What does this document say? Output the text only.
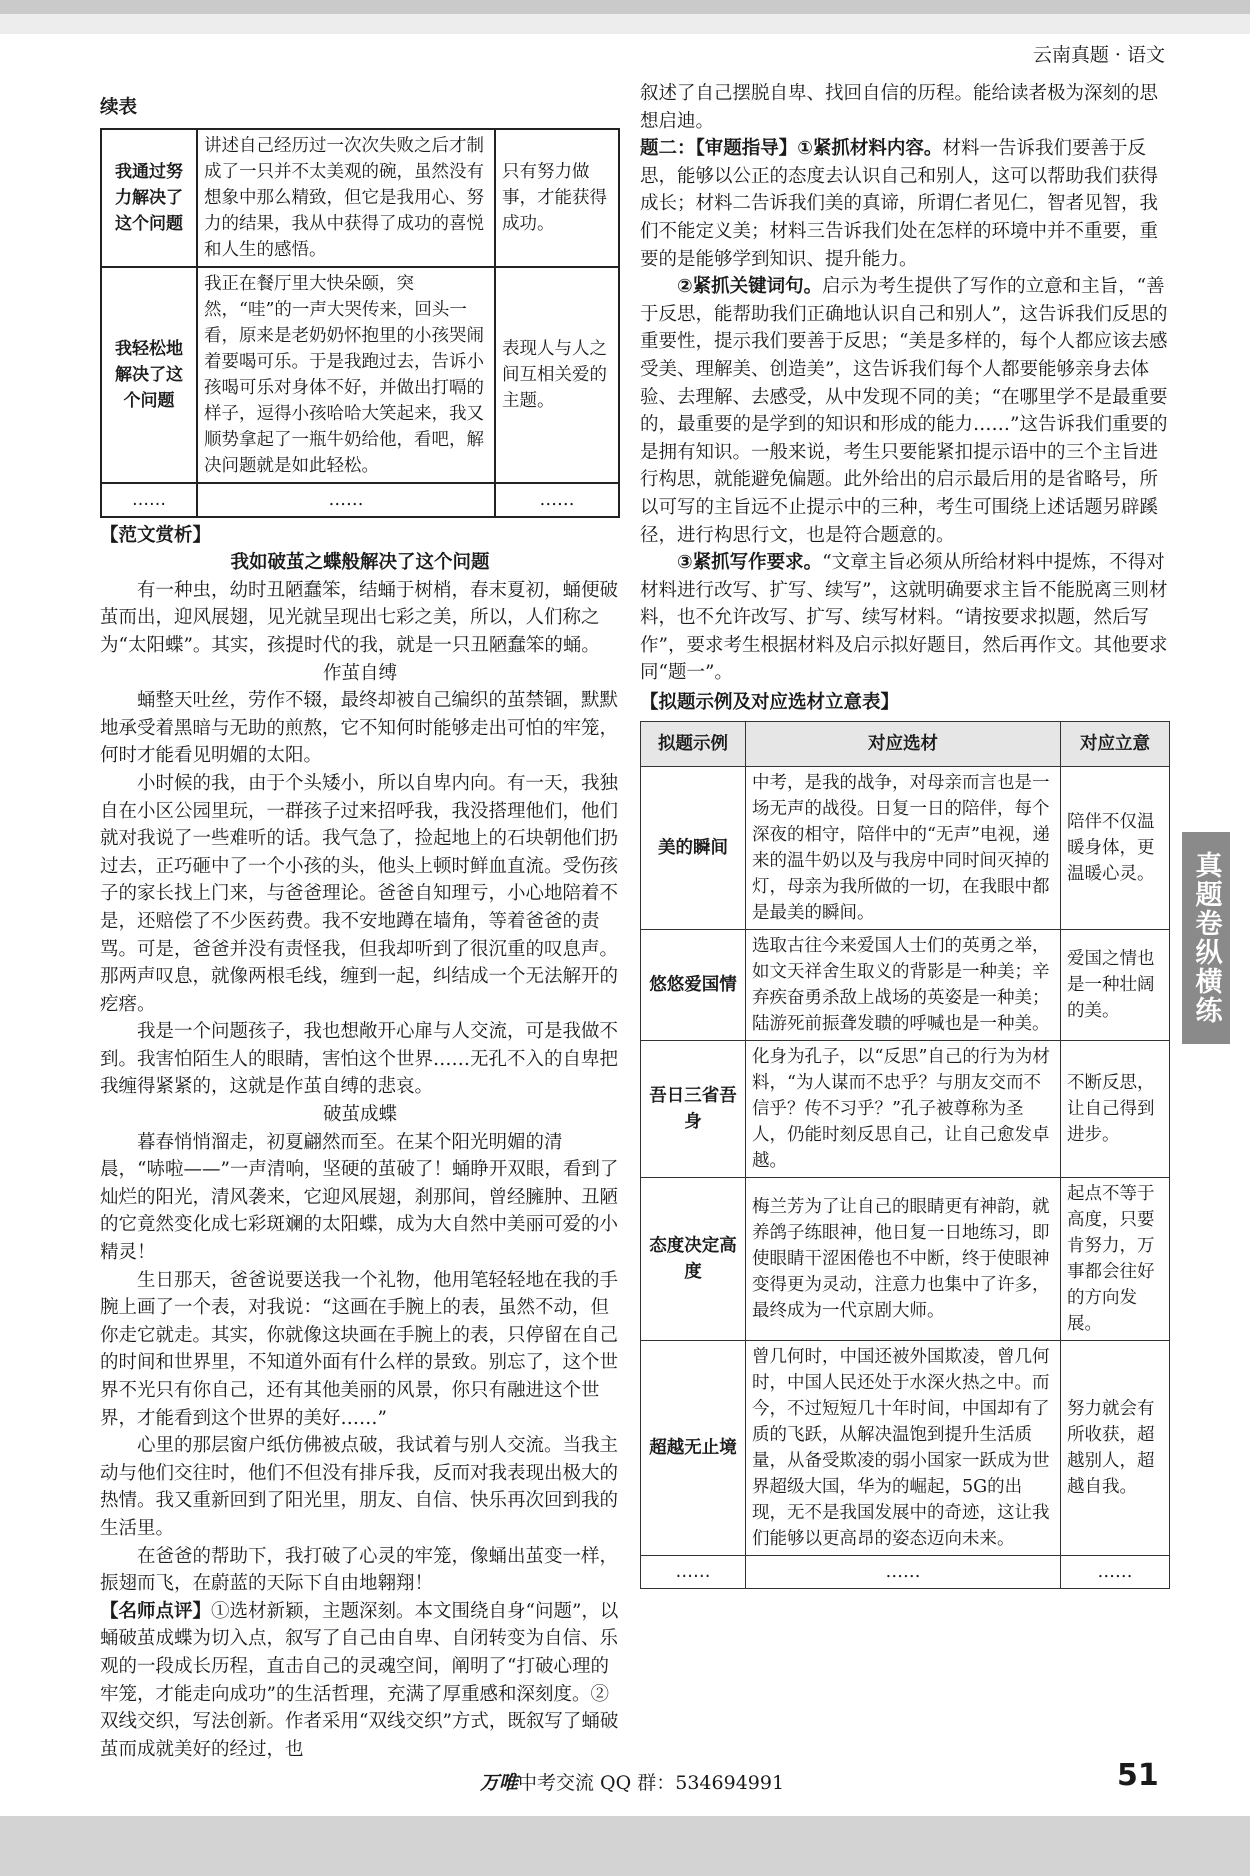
云南真题 · 语文

续表

我通过努力解决了这个问题	讲述自己经历过一次次失败之后才制成了一只并不太美观的碗，虽然没有想象中那么精致，但它是我用心、努力的结果，我从中获得了成功的喜悦和人生的感悟。	只有努力做事，才能获得成功。
我轻松地解决了这个问题	我正在餐厅里大快朵颐，突然，“哇”的一声大哭传来，回头一看，原来是老奶奶怀抱里的小孩哭闹着要喝可乐。于是我跑过去，告诉小孩喝可乐对身体不好，并做出打嗝的样子，逗得小孩哈哈大笑起来，我又顺势拿起了一瓶牛奶给他，看吧，解决问题就是如此轻松。	表现人与人之间互相关爱的主题。
……	……	……

【范文赏析】

我如破茧之蝶般解决了这个问题

有一种虫，幼时丑陋蠢笨，结蛹于树梢，春末夏初，蛹便破茧而出，迎风展翅，见光就呈现出七彩之美，所以，人们称之为“太阳蝶”。其实，孩提时代的我，就是一只丑陋蠢笨的蛹。

作茧自缚

蛹整天吐丝，劳作不辍，最终却被自己编织的茧禁锢，默默地承受着黑暗与无助的煎熬，它不知何时能够走出可怕的牢笼，何时才能看见明媚的太阳。

小时候的我，由于个头矮小，所以自卑内向。有一天，我独自在小区公园里玩，一群孩子过来招呼我，我没搭理他们，他们就对我说了一些难听的话。我气急了，捡起地上的石块朝他们扔过去，正巧砸中了一个小孩的头，他头上顿时鲜血直流。受伤孩子的家长找上门来，与爸爸理论。爸爸自知理亏，小心地陪着不是，还赔偿了不少医药费。我不安地蹲在墙角，等着爸爸的责骂。可是，爸爸并没有责怪我，但我却听到了很沉重的叹息声。那两声叹息，就像两根毛线，缠到一起，纠结成一个无法解开的疙瘩。

我是一个问题孩子，我也想敞开心扉与人交流，可是我做不到。我害怕陌生人的眼睛，害怕这个世界……无孔不入的自卑把我缠得紧紧的，这就是作茧自缚的悲哀。

破茧成蝶

暮春悄悄溜走，初夏翩然而至。在某个阳光明媚的清晨，“哧啦——”一声清响，坚硬的茧破了！蛹睁开双眼，看到了灿烂的阳光，清风袭来，它迎风展翅，刹那间，曾经臃肿、丑陋的它竟然变化成七彩斑斓的太阳蝶，成为大自然中美丽可爱的小精灵！

生日那天，爸爸说要送我一个礼物，他用笔轻轻地在我的手腕上画了一个表，对我说：“这画在手腕上的表，虽然不动，但你走它就走。其实，你就像这块画在手腕上的表，只停留在自己的时间和世界里，不知道外面有什么样的景致。别忘了，这个世界不光只有你自己，还有其他美丽的风景，你只有融进这个世界，才能看到这个世界的美好……”

心里的那层窗户纸仿佛被点破，我试着与别人交流。当我主动与他们交往时，他们不但没有排斥我，反而对我表现出极大的热情。我又重新回到了阳光里，朋友、自信、快乐再次回到我的生活里。

在爸爸的帮助下，我打破了心灵的牢笼，像蛹出茧变一样，振翅而飞，在蔚蓝的天际下自由地翱翔！

【名师点评】①选材新颖，主题深刻。本文围绕自身“问题”，以蛹破茧成蝶为切入点，叙写了自己由自卑、自闭转变为自信、乐观的一段成长历程，直击自己的灵魂空间，阐明了“打破心理的牢笼，才能走向成功”的生活哲理，充满了厚重感和深刻度。②双线交织，写法创新。作者采用“双线交织”方式，既叙写了蛹破茧而成就美好的经过，也

叙述了自己摆脱自卑、找回自信的历程。能给读者极为深刻的思想启迪。

题二：【审题指导】①紧抓材料内容。材料一告诉我们要善于反思，能够以公正的态度去认识自己和别人，这可以帮助我们获得成长；材料二告诉我们美的真谛，所谓仁者见仁，智者见智，我们不能定义美；材料三告诉我们处在怎样的环境中并不重要，重要的是能够学到知识、提升能力。

②紧抓关键词句。启示为考生提供了写作的立意和主旨，“善于反思，能帮助我们正确地认识自己和别人”，这告诉我们反思的重要性，提示我们要善于反思；“美是多样的，每个人都应该去感受美、理解美、创造美”，这告诉我们每个人都要能够亲身去体验、去理解、去感受，从中发现不同的美；“在哪里学不是最重要的，最重要的是学到的知识和形成的能力……”这告诉我们重要的是拥有知识。一般来说，考生只要能紧扣提示语中的三个主旨进行构思，就能避免偏题。此外给出的启示最后用的是省略号，所以可写的主旨远不止提示中的三种，考生可围绕上述话题另辟蹊径，进行构思行文，也是符合题意的。

③紧抓写作要求。“文章主旨必须从所给材料中提炼，不得对材料进行改写、扩写、续写”，这就明确要求主旨不能脱离三则材料，也不允许改写、扩写、续写材料。“请按要求拟题，然后写作”，要求考生根据材料及启示拟好题目，然后再作文。其他要求同“题一”。

【拟题示例及对应选材立意表】

拟题示例	对应选材	对应立意
美的瞬间	中考，是我的战争，对母亲而言也是一场无声的战役。日复一日的陪伴，每个深夜的相守，陪伴中的“无声”电视，递来的温牛奶以及与我房中同时间灭掉的灯，母亲为我所做的一切，在我眼中都是最美的瞬间。	陪伴不仅温暖身体，更温暖心灵。
悠悠爱国情	选取古往今来爱国人士们的英勇之举，如文天祥舍生取义的背影是一种美；辛弃疾奋勇杀敌上战场的英姿是一种美；陆游死前振聋发聩的呼喊也是一种美。	爱国之情也是一种壮阔的美。
吾日三省吾身	化身为孔子，以“反思”自己的行为为材料，“为人谋而不忠乎？与朋友交而不信乎？传不习乎？”孔子被尊称为圣人，仍能时刻反思自己，让自己愈发卓越。	不断反思，让自己得到进步。
态度决定高度	梅兰芳为了让自己的眼睛更有神韵，就养鸽子练眼神，他日复一日地练习，即使眼睛干涩困倦也不中断，终于使眼神变得更为灵动，注意力也集中了许多，最终成为一代京剧大师。	起点不等于高度，只要肯努力，万事都会往好的方向发展。
超越无止境	曾几何时，中国还被外国欺凌，曾几何时，中国人民还处于水深火热之中。而今，不过短短几十年时间，中国却有了质的飞跃，从解决温饱到提升生活质量，从备受欺凌的弱小国家一跃成为世界超级大国，华为的崛起，5G的出现，无不是我国发展中的奇迹，这让我们能够以更高昂的姿态迈向未来。	努力就会有所收获，超越别人，超越自我。
……	……	……
真题卷纵横练
万唯中考交流 QQ 群：534694991	51
